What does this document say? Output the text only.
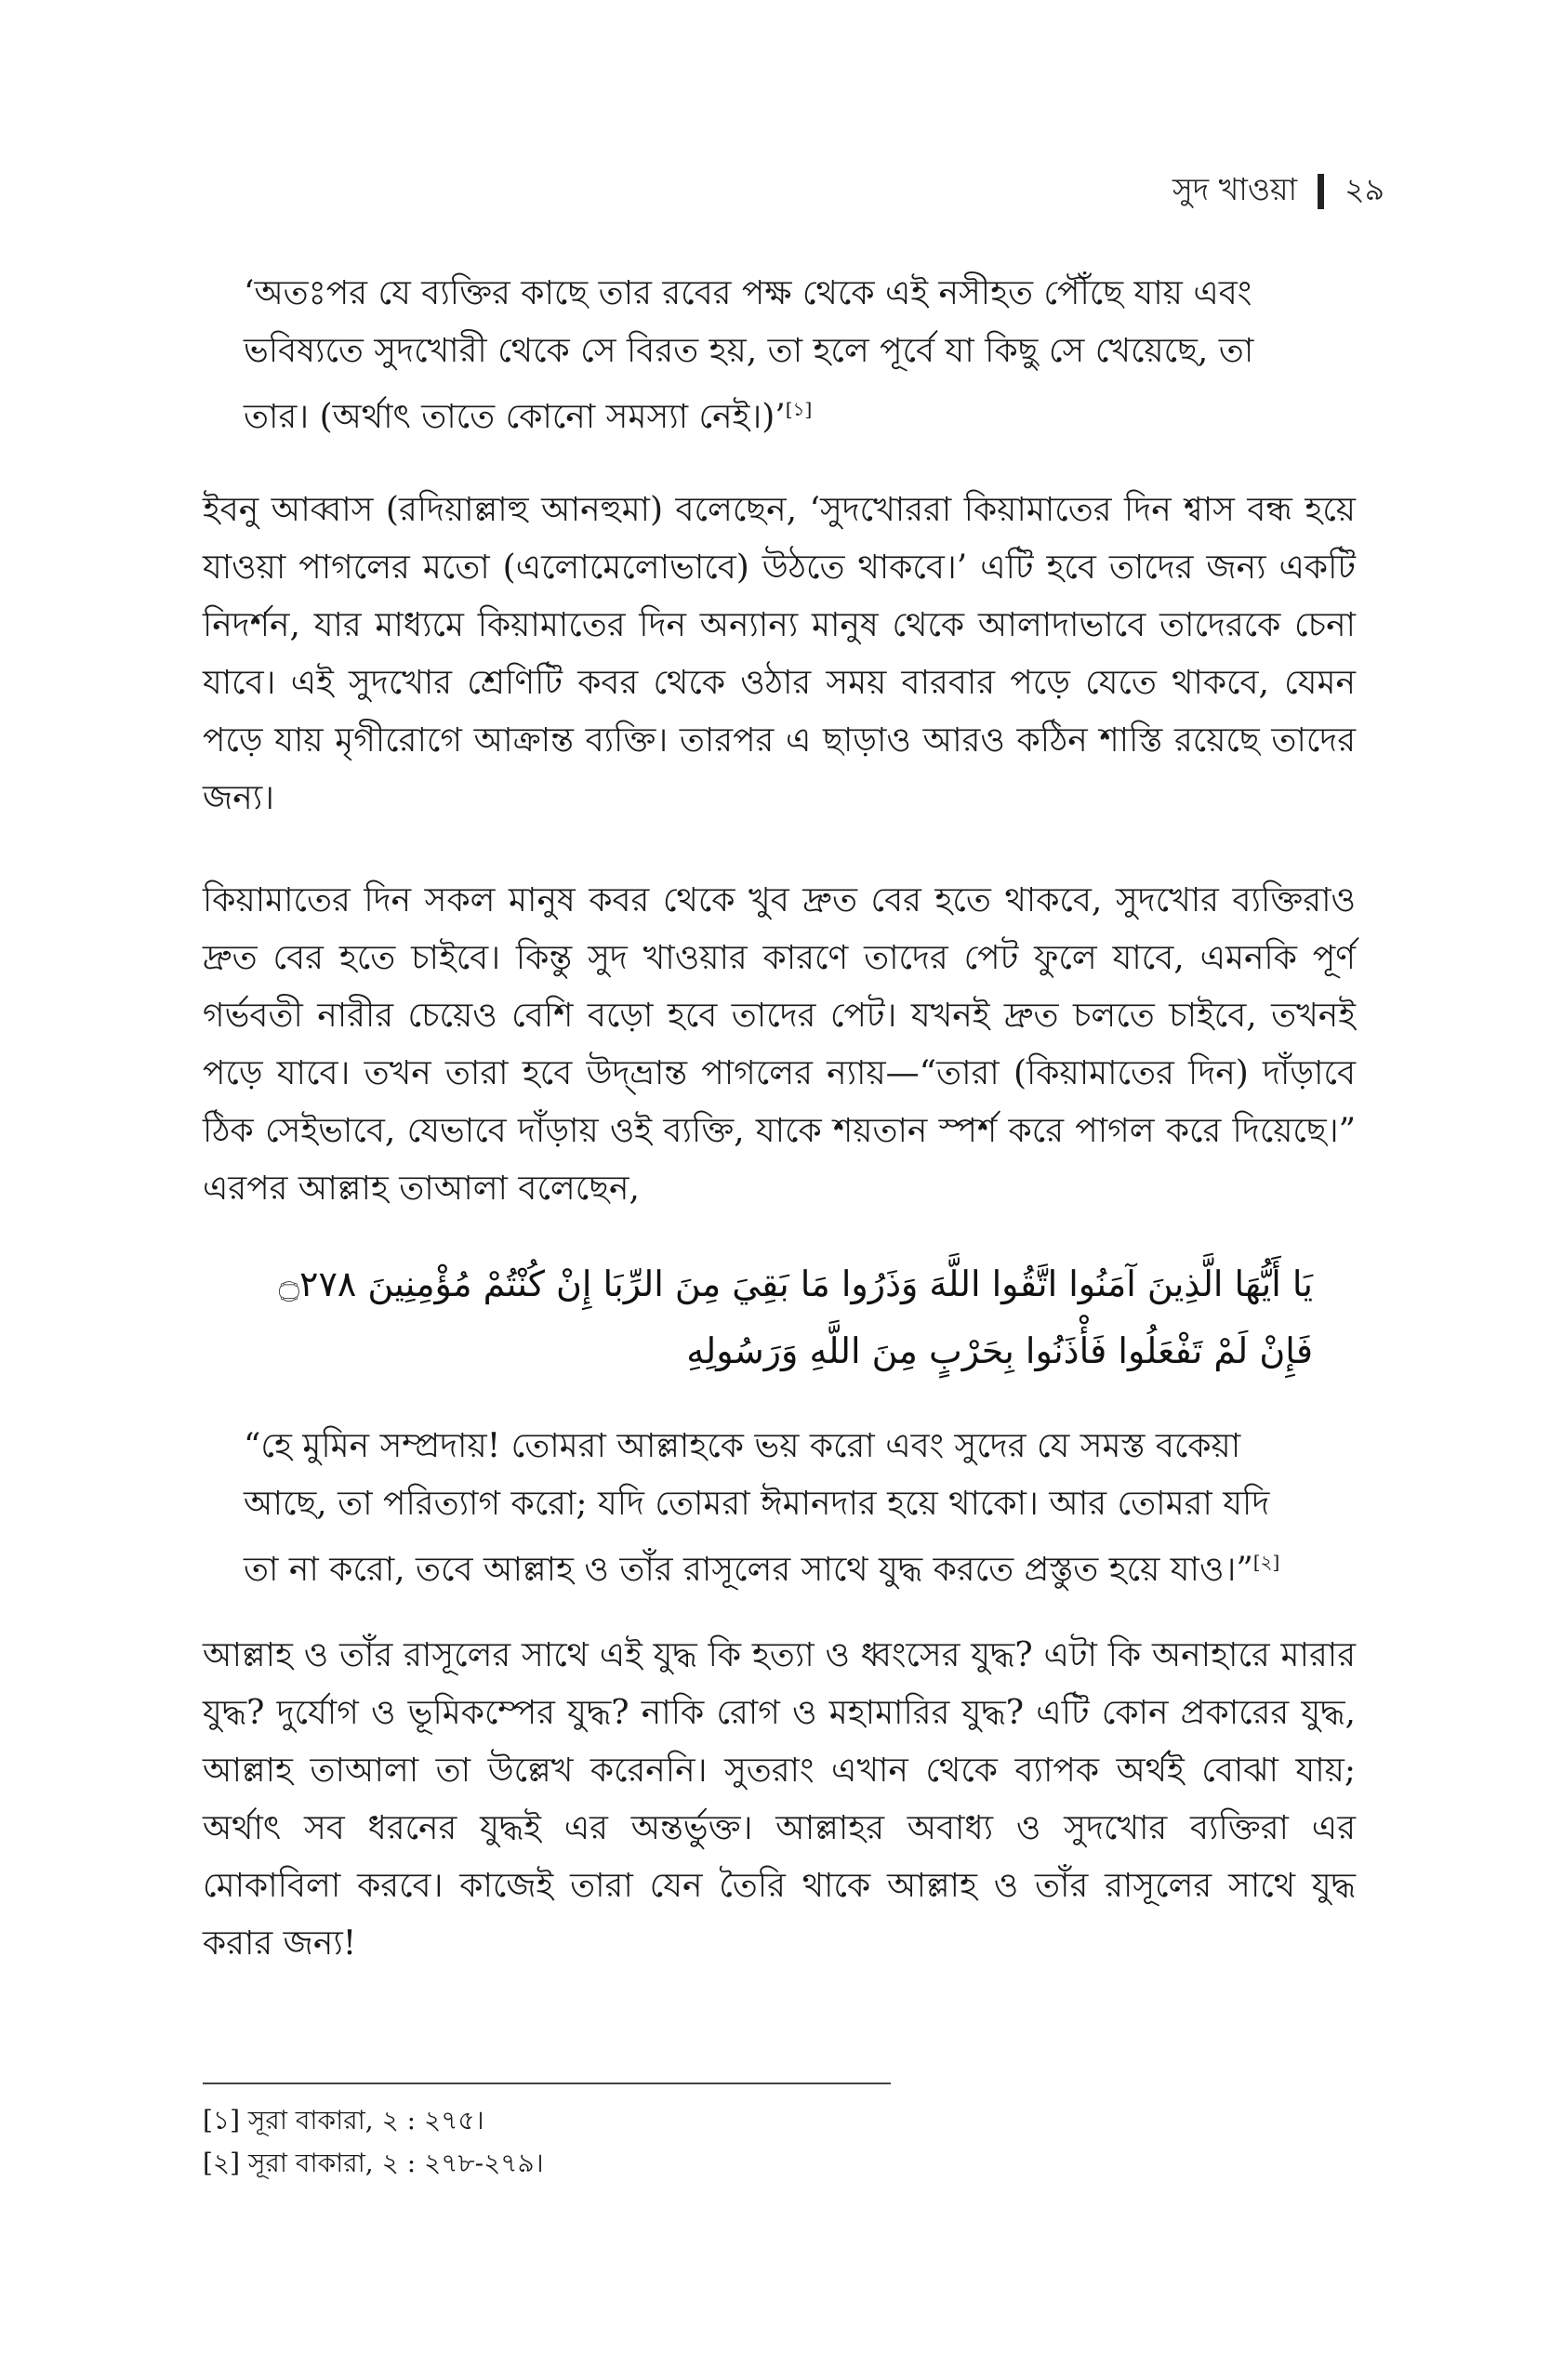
সুদ খাওয়া ২৯

‘অতঃপর যে ব্যক্তির কাছে তার রবের পক্ষ থেকে এই নসীহত পৌঁছে যায় এবং ভবিষ্যতে সুদখোরী থেকে সে বিরত হয়, তা হলে পূর্বে যা কিছু সে খেয়েছে, তা তার। (অর্থাৎ তাতে কোনো সমস্যা নেই।)’[১]

ইবনু আব্বাস (রদিয়াল্লাহু আনহুমা) বলেছেন, ‘সুদখোররা কিয়ামাতের দিন শ্বাস বন্ধ হয়ে যাওয়া পাগলের মতো (এলোমেলোভাবে) উঠতে থাকবে।’ এটি হবে তাদের জন্য একটি নিদর্শন, যার মাধ্যমে কিয়ামাতের দিন অন্যান্য মানুষ থেকে আলাদাভাবে তাদেরকে চেনা যাবে। এই সুদখোর শ্রেণিটি কবর থেকে ওঠার সময় বারবার পড়ে যেতে থাকবে, যেমন পড়ে যায় মৃগীরোগে আক্রান্ত ব্যক্তি। তারপর এ ছাড়াও আরও কঠিন শাস্তি রয়েছে তাদের জন্য।

কিয়ামাতের দিন সকল মানুষ কবর থেকে খুব দ্রুত বের হতে থাকবে, সুদখোর ব্যক্তিরাও দ্রুত বের হতে চাইবে। কিন্তু সুদ খাওয়ার কারণে তাদের পেট ফুলে যাবে, এমনকি পূর্ণ গর্ভবতী নারীর চেয়েও বেশি বড়ো হবে তাদের পেট। যখনই দ্রুত চলতে চাইবে, তখনই পড়ে যাবে। তখন তারা হবে উদ্‌ভ্রান্ত পাগলের ন্যায়—“তারা (কিয়ামাতের দিন) দাঁড়াবে ঠিক সেইভাবে, যেভাবে দাঁড়ায় ওই ব্যক্তি, যাকে শয়তান স্পর্শ করে পাগল করে দিয়েছে।” এরপর আল্লাহ তাআলা বলেছেন,

يَا أَيُّهَا الَّذِينَ آمَنُوا اتَّقُوا اللَّهَ وَذَرُوا مَا بَقِيَ مِنَ الرِّبَا إِنْ كُنْتُمْ مُؤْمِنِينَ ۝٢٧٨ فَإِنْ لَمْ تَفْعَلُوا فَأْذَنُوا بِحَرْبٍ مِنَ اللَّهِ وَرَسُولِهِ

“হে মুমিন সম্প্রদায়! তোমরা আল্লাহকে ভয় করো এবং সুদের যে সমস্ত বকেয়া আছে, তা পরিত্যাগ করো; যদি তোমরা ঈমানদার হয়ে থাকো। আর তোমরা যদি তা না করো, তবে আল্লাহ ও তাঁর রাসূলের সাথে যুদ্ধ করতে প্রস্তুত হয়ে যাও।”[২]

আল্লাহ ও তাঁর রাসূলের সাথে এই যুদ্ধ কি হত্যা ও ধ্বংসের যুদ্ধ? এটা কি অনাহারে মারার যুদ্ধ? দুর্যোগ ও ভূমিকম্পের যুদ্ধ? নাকি রোগ ও মহামারির যুদ্ধ? এটি কোন প্রকারের যুদ্ধ, আল্লাহ তাআলা তা উল্লেখ করেননি। সুতরাং এখান থেকে ব্যাপক অর্থই বোঝা যায়; অর্থাৎ সব ধরনের যুদ্ধই এর অন্তর্ভুক্ত। আল্লাহর অবাধ্য ও সুদখোর ব্যক্তিরা এর মোকাবিলা করবে। কাজেই তারা যেন তৈরি থাকে আল্লাহ ও তাঁর রাসূলের সাথে যুদ্ধ করার জন্য!

[১] সূরা বাকারা, ২ : ২৭৫।
[২] সূরা বাকারা, ২ : ২৭৮-২৭৯।
